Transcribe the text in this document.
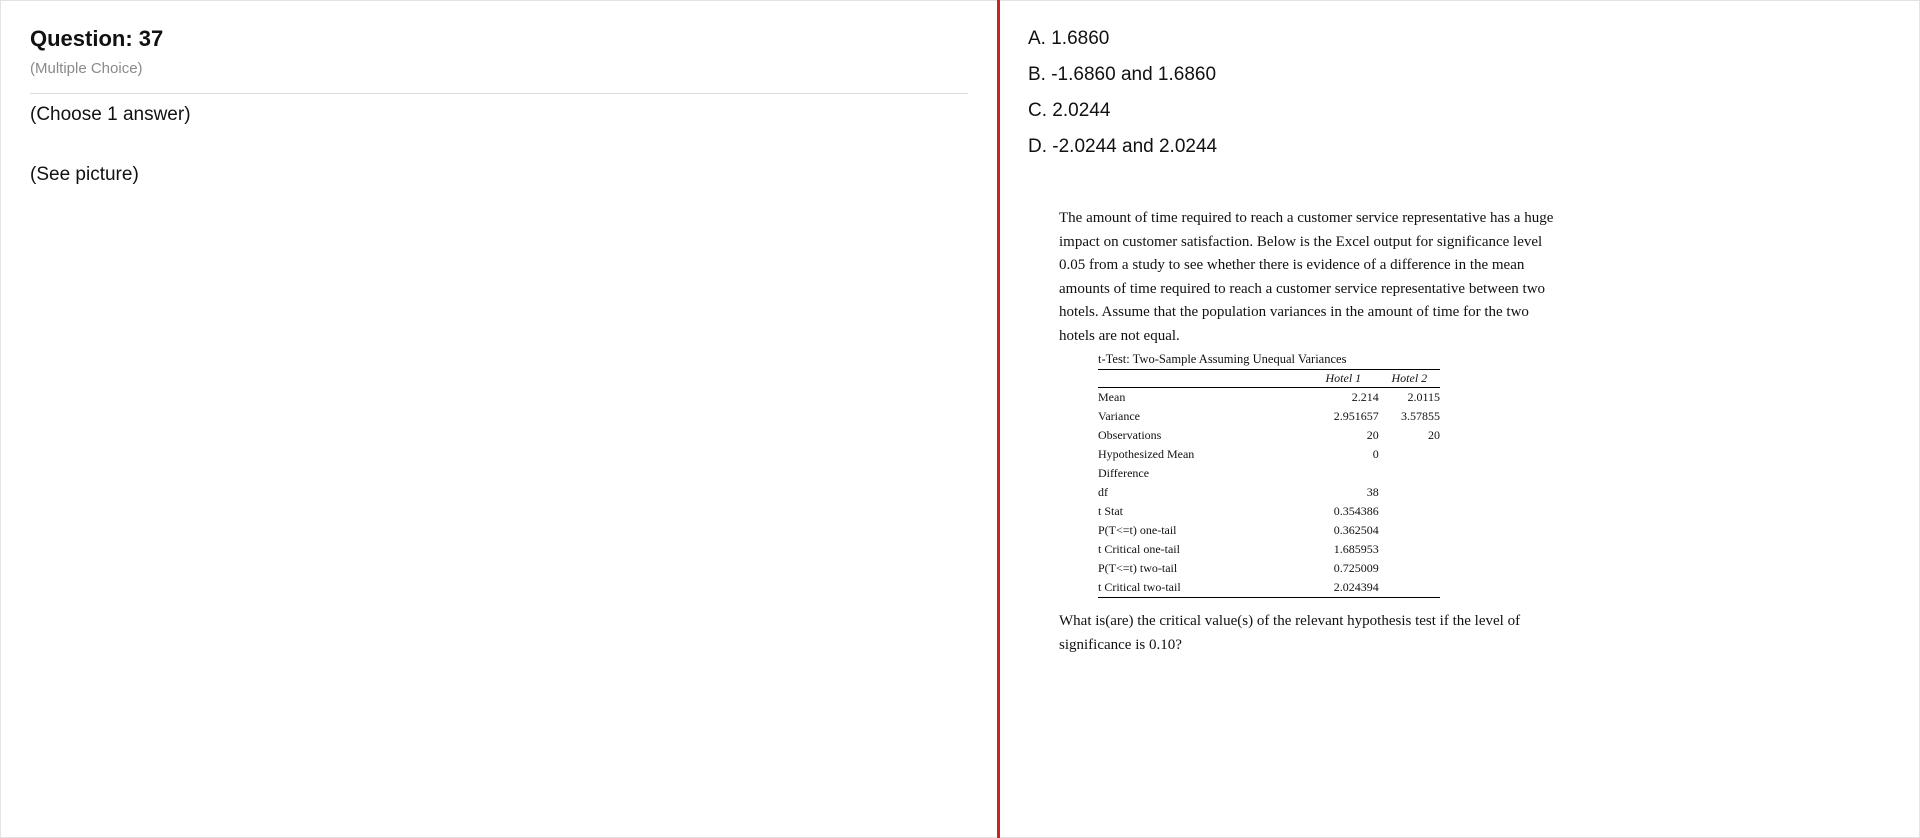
Question: 37
(Multiple Choice)
(Choose 1 answer)
(See picture)
A. 1.6860
B. -1.6860 and 1.6860
C. 2.0244
D. -2.0244 and 2.0244
The amount of time required to reach a customer service representative has a huge impact on customer satisfaction. Below is the Excel output for significance level 0.05 from a study to see whether there is evidence of a difference in the mean amounts of time required to reach a customer service representative between two hotels. Assume that the population variances in the amount of time for the two hotels are not equal.
t-Test: Two-Sample Assuming Unequal Variances
	Hotel 1	Hotel 2
Mean	2.214	2.0115
Variance	2.951657	3.57855
Observations	20	20
Hypothesized Mean	0	
Difference		
df	38	
t Stat	0.354386	
P(T<=t) one-tail	0.362504	
t Critical one-tail	1.685953	
P(T<=t) two-tail	0.725009	
t Critical two-tail	2.024394	
What is(are) the critical value(s) of the relevant hypothesis test if the level of significance is 0.10?
